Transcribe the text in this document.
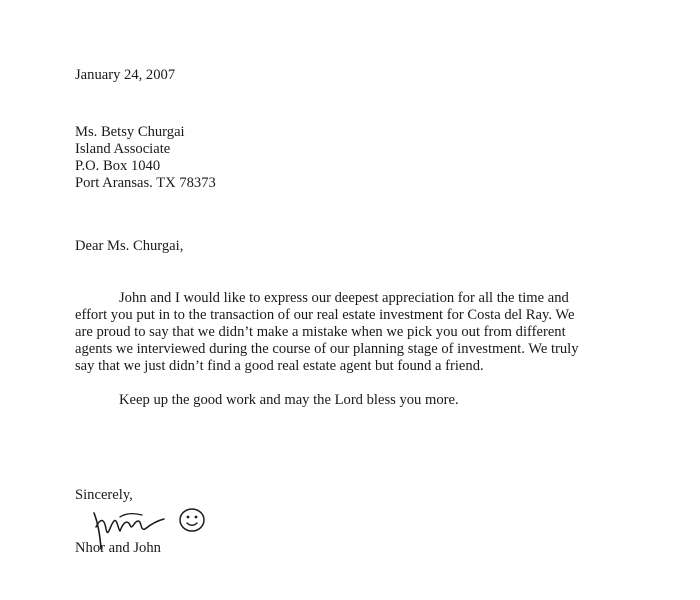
January 24, 2007
Ms. Betsy Churgai
Island Associate
P.O. Box 1040
Port Aransas. TX 78373
Dear Ms. Churgai,
John and I would like to express our deepest appreciation for all the time and
effort you put in to the transaction of our real estate investment for Costa del Ray. We
are proud to say that we didn’t make a mistake when we pick you out from different
agents we interviewed during the course of our planning stage of investment. We truly
say that we just didn’t find a good real estate agent but found a friend.
Keep up the good work and may the Lord bless you more.
Sincerely,
Nhor and John
